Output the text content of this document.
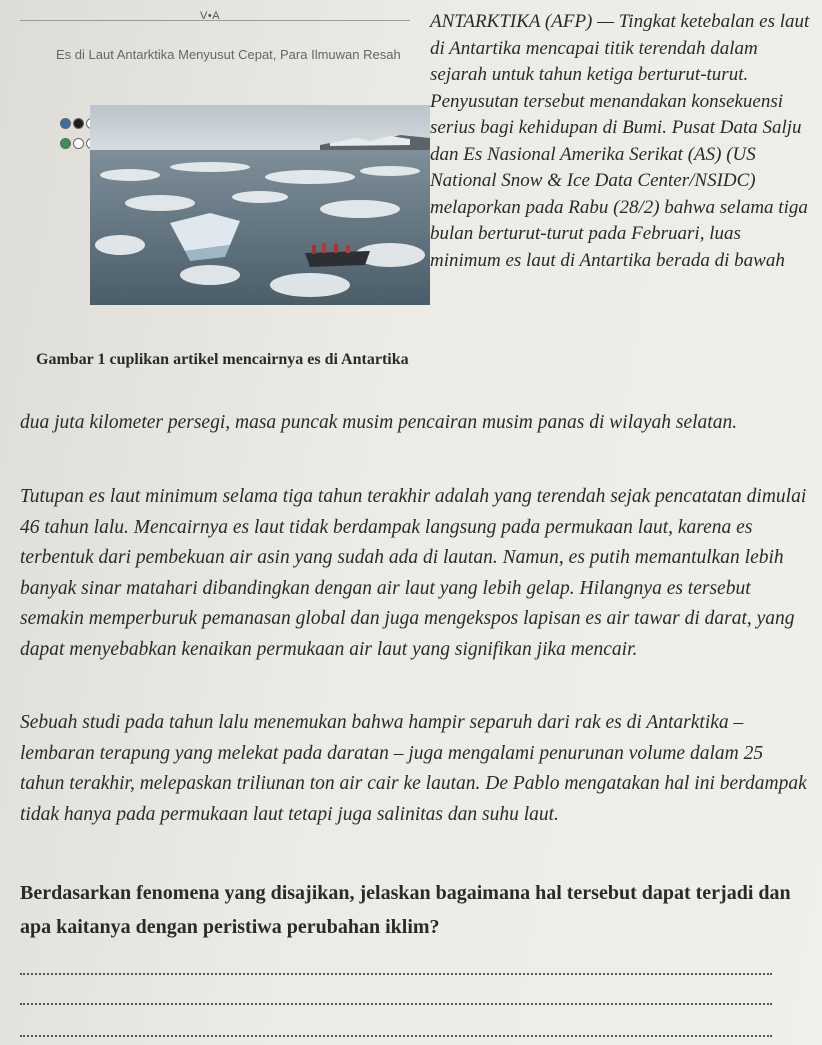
V•A
Es di Laut Antarktika Menyusut Cepat, Para Ilmuwan Resah
Gambar 1 cuplikan artikel mencairnya es di Antartika

ANTARKTIKA (AFP) — Tingkat ketebalan es laut di Antartika mencapai titik terendah dalam sejarah untuk tahun ketiga berturut-turut. Penyusutan tersebut menandakan konsekuensi serius bagi kehidupan di Bumi. Pusat Data Salju dan Es Nasional Amerika Serikat (AS) (US National Snow & Ice Data Center/NSIDC) melaporkan pada Rabu (28/2) bahwa selama tiga bulan berturut-turut pada Februari, luas minimum es laut di Antartika berada di bawah

dua juta kilometer persegi, masa puncak musim pencairan musim panas di wilayah selatan.

Tutupan es laut minimum selama tiga tahun terakhir adalah yang terendah sejak pencatatan dimulai 46 tahun lalu. Mencairnya es laut tidak berdampak langsung pada permukaan laut, karena es terbentuk dari pembekuan air asin yang sudah ada di lautan. Namun, es putih memantulkan lebih banyak sinar matahari dibandingkan dengan air laut yang lebih gelap. Hilangnya es tersebut semakin memperburuk pemanasan global dan juga mengekspos lapisan es air tawar di darat, yang dapat menyebabkan kenaikan permukaan air laut yang signifikan jika mencair.

Sebuah studi pada tahun lalu menemukan bahwa hampir separuh dari rak es di Antarktika – lembaran terapung yang melekat pada daratan – juga mengalami penurunan volume dalam 25 tahun terakhir, melepaskan triliunan ton air cair ke lautan. De Pablo mengatakan hal ini berdampak tidak hanya pada permukaan laut tetapi juga salinitas dan suhu laut.

Berdasarkan fenomena yang disajikan, jelaskan bagaimana hal tersebut dapat terjadi dan apa kaitanya dengan peristiwa perubahan iklim?
